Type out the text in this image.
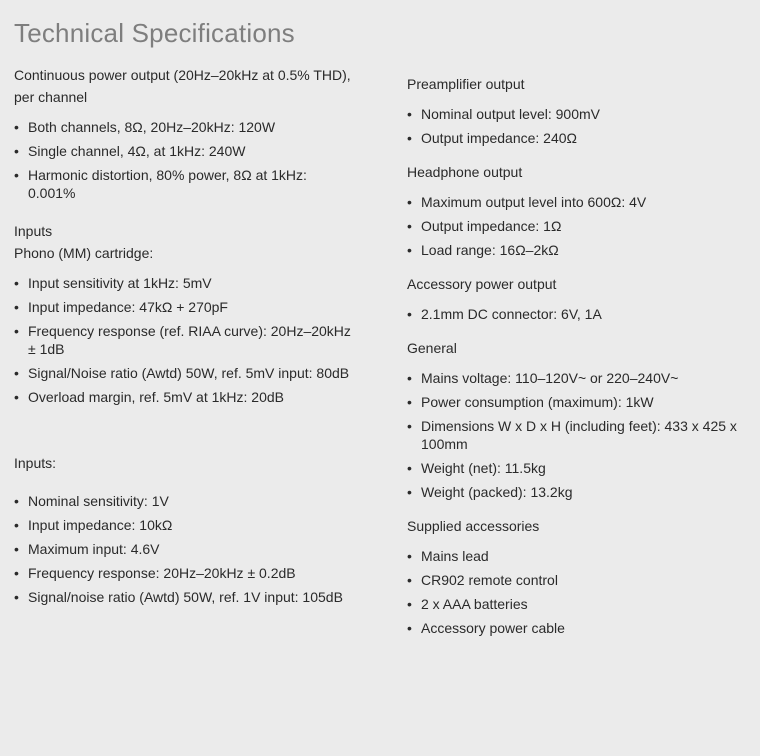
Technical Specifications

Continuous power output (20Hz–20kHz at 0.5% THD), per channel

• Both channels, 8Ω, 20Hz–20kHz: 120W
• Single channel, 4Ω, at 1kHz: 240W
• Harmonic distortion, 80% power, 8Ω at 1kHz: 0.001%

Inputs

Phono (MM) cartridge:

• Input sensitivity at 1kHz: 5mV
• Input impedance: 47kΩ + 270pF
• Frequency response (ref. RIAA curve): 20Hz–20kHz ± 1dB
• Signal/Noise ratio (Awtd) 50W, ref. 5mV input: 80dB
• Overload margin, ref. 5mV at 1kHz: 20dB

Inputs:

• Nominal sensitivity: 1V
• Input impedance: 10kΩ
• Maximum input: 4.6V
• Frequency response: 20Hz–20kHz ± 0.2dB
• Signal/noise ratio (Awtd) 50W, ref. 1V input: 105dB

Preamplifier output

• Nominal output level: 900mV
• Output impedance: 240Ω

Headphone output

• Maximum output level into 600Ω: 4V
• Output impedance: 1Ω
• Load range: 16Ω–2kΩ

Accessory power output

• 2.1mm DC connector: 6V, 1A

General

• Mains voltage: 110–120V~ or 220–240V~
• Power consumption (maximum): 1kW
• Dimensions W x D x H (including feet): 433 x 425 x 100mm
• Weight (net): 11.5kg
• Weight (packed): 13.2kg

Supplied accessories

• Mains lead
• CR902 remote control
• 2 x AAA batteries
• Accessory power cable
